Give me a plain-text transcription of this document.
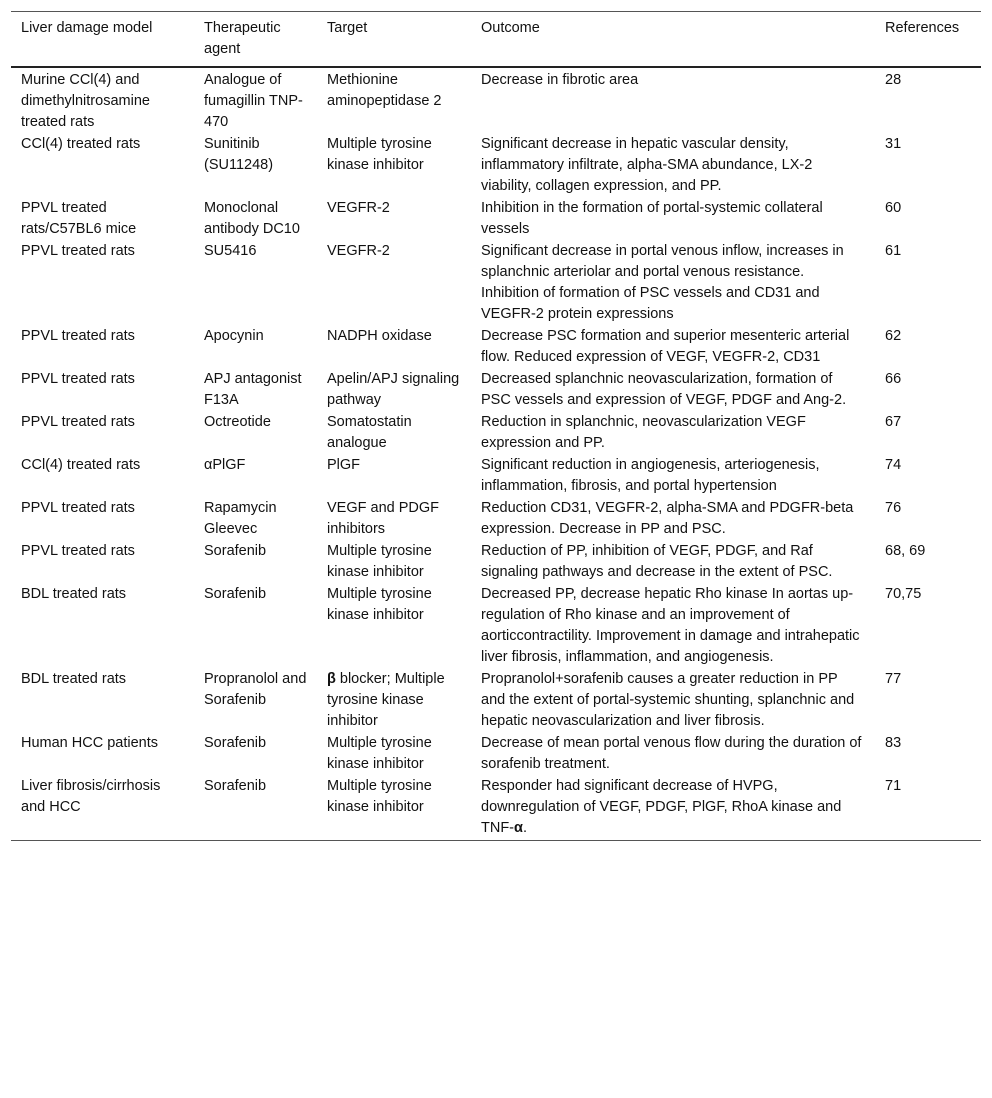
Liver damage model	Therapeutic agent	Target	Outcome	References
Murine CCl(4) and dimethylnitrosamine treated rats	Analogue of fumagillin TNP-470	Methionine aminopeptidase 2	Decrease in fibrotic area	28
CCl(4) treated rats	Sunitinib (SU11248)	Multiple tyrosine kinase inhibitor	Significant decrease in hepatic vascular density, inflammatory infiltrate, alpha-SMA abundance, LX-2 viability, collagen expression, and PP.	31
PPVL treated rats/C57BL6 mice	Monoclonal antibody DC10	VEGFR-2	Inhibition in the formation of portal-systemic collateral vessels	60
PPVL treated rats	SU5416	VEGFR-2	Significant decrease in portal venous inflow, increases in splanchnic arteriolar and portal venous resistance. Inhibition of formation of PSC vessels and CD31 and VEGFR-2 protein expressions	61
PPVL treated rats	Apocynin	NADPH oxidase	Decrease PSC formation and superior mesenteric arterial flow. Reduced expression of VEGF, VEGFR-2, CD31	62
PPVL treated rats	APJ antagonist F13A	Apelin/APJ signaling pathway	Decreased splanchnic neovascularization, formation of PSC vessels and expression of VEGF, PDGF and Ang-2.	66
PPVL treated rats	Octreotide	Somatostatin analogue	Reduction in splanchnic, neovascularization VEGF expression and PP.	67
CCl(4) treated rats	αPlGF	PlGF	Significant reduction in angiogenesis, arteriogenesis, inflammation, fibrosis, and portal hypertension	74
PPVL treated rats	Rapamycin Gleevec	VEGF and PDGF inhibitors	Reduction CD31, VEGFR-2, alpha-SMA and PDGFR-beta expression. Decrease in PP and PSC.	76
PPVL treated rats	Sorafenib	Multiple tyrosine kinase inhibitor	Reduction of PP, inhibition of VEGF, PDGF, and Raf signaling pathways and decrease in the extent of PSC.	68, 69
BDL treated rats	Sorafenib	Multiple tyrosine kinase inhibitor	Decreased PP, decrease hepatic Rho kinase In aortas up-regulation of Rho kinase and an improvement of aorticcontractility. Improvement in damage and intrahepatic liver fibrosis, inflammation, and angiogenesis.	70,75
BDL treated rats	Propranolol and Sorafenib	β blocker; Multiple tyrosine kinase inhibitor	Propranolol+sorafenib causes a greater reduction in PP and the extent of portal-systemic shunting, splanchnic and hepatic neovascularization and liver fibrosis.	77
Human HCC patients	Sorafenib	Multiple tyrosine kinase inhibitor	Decrease of mean portal venous flow during the duration of sorafenib treatment.	83
Liver fibrosis/cirrhosis and HCC	Sorafenib	Multiple tyrosine kinase inhibitor	Responder had significant decrease of HVPG, downregulation of VEGF, PDGF, PlGF, RhoA kinase and TNF-α.	71
